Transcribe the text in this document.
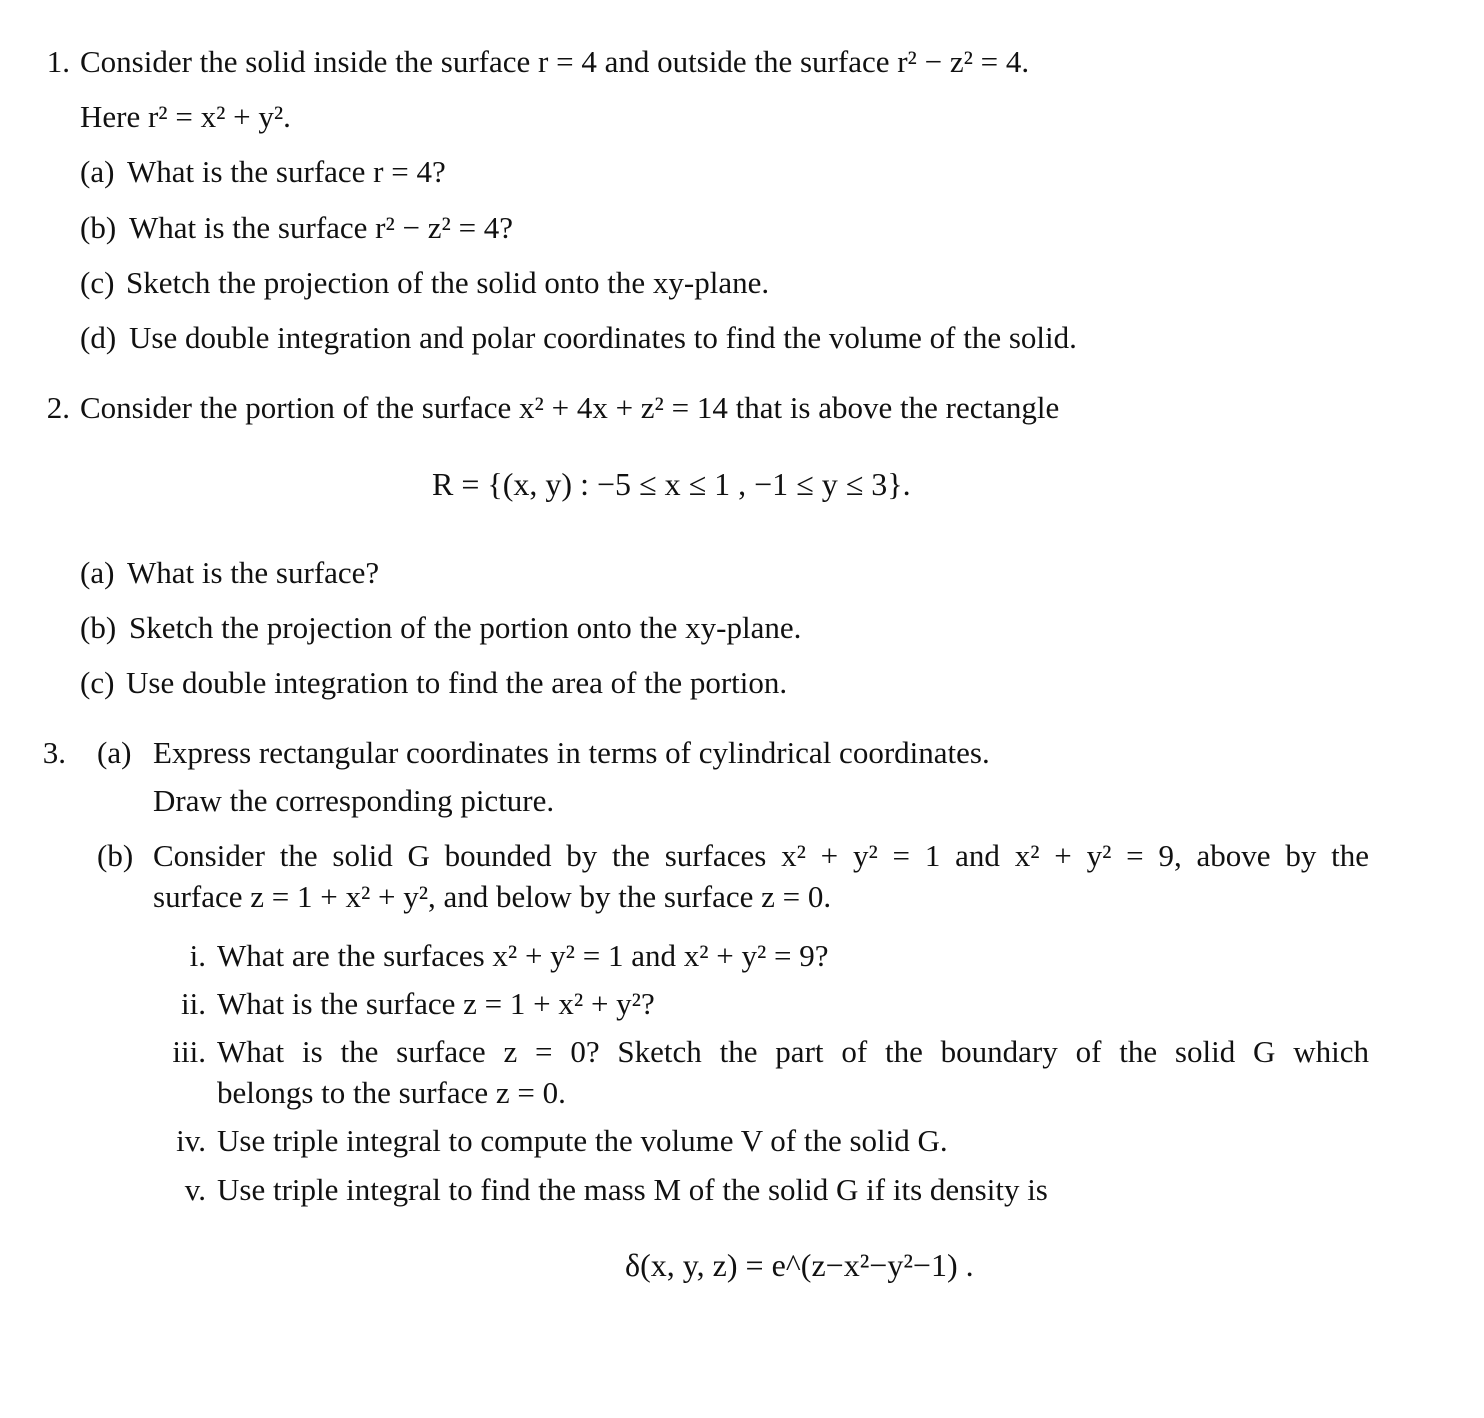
1. Consider the solid inside the surface r = 4 and outside the surface r² − z² = 4.
Here r² = x² + y².
(a) What is the surface r = 4?
(b) What is the surface r² − z² = 4?
(c) Sketch the projection of the solid onto the xy-plane.
(d) Use double integration and polar coordinates to find the volume of the solid.
2. Consider the portion of the surface x² + 4x + z² = 14 that is above the rectangle
R = {(x, y) : −5 ≤ x ≤ 1 , −1 ≤ y ≤ 3}.
(a) What is the surface?
(b) Sketch the projection of the portion onto the xy-plane.
(c) Use double integration to find the area of the portion.
3. (a) Express rectangular coordinates in terms of cylindrical coordinates.
Draw the corresponding picture.
(b) Consider the solid G bounded by the surfaces x² + y² = 1 and x² + y² = 9, above by the
surface z = 1 + x² + y², and below by the surface z = 0.
i. What are the surfaces x² + y² = 1 and x² + y² = 9?
ii. What is the surface z = 1 + x² + y²?
iii. What is the surface z = 0? Sketch the part of the boundary of the solid G which
belongs to the surface z = 0.
iv. Use triple integral to compute the volume V of the solid G.
v. Use triple integral to find the mass M of the solid G if its density is
δ(x, y, z) = e^(z−x²−y²−1) .
